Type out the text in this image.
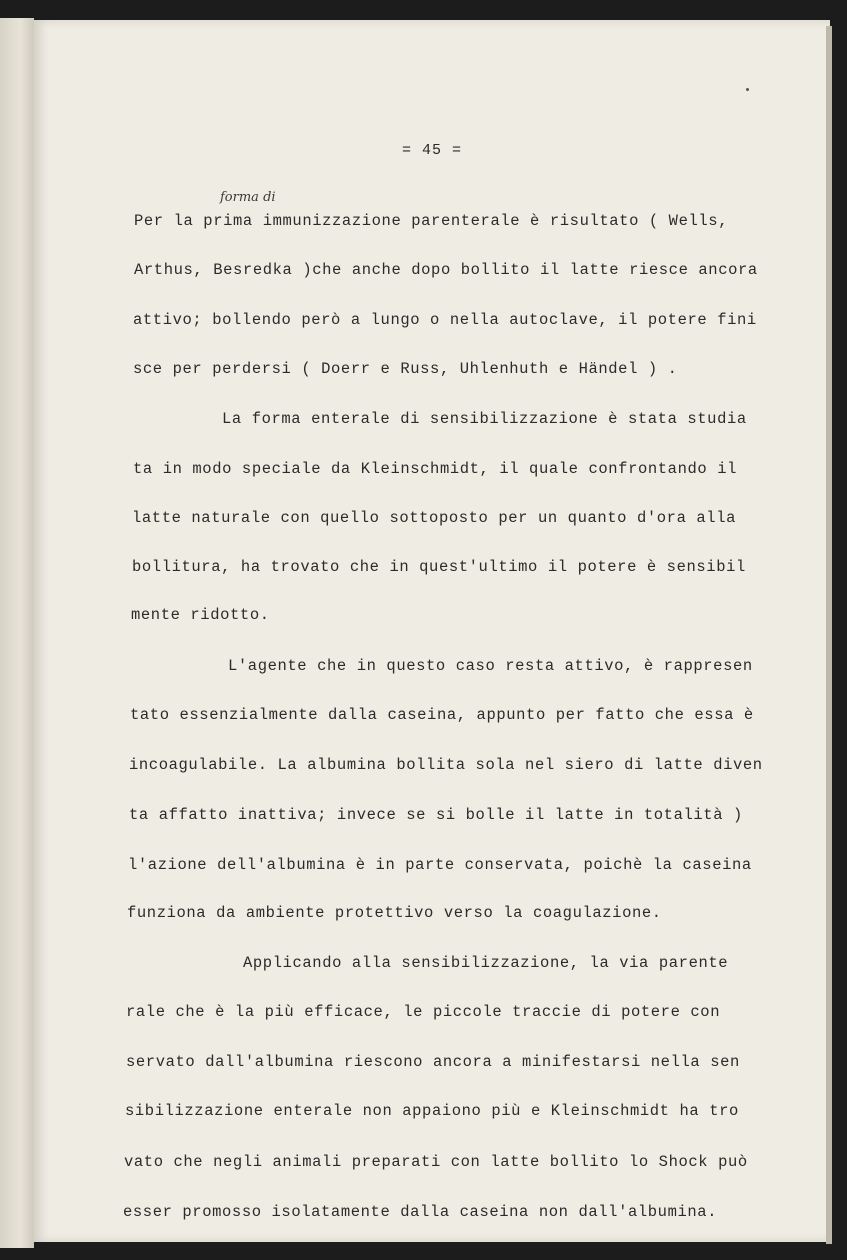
= 45 =
forma di
Per la prima immunizzazione parenterale è risultato ( Wells,
Arthus, Besredka )che anche dopo bollito il latte riesce ancora
attivo; bollendo però a lungo o nella autoclave, il potere fini
sce per perdersi ( Doerr e Russ, Uhlenhuth e Händel ) .
La forma enterale di sensibilizzazione è stata studia
ta in modo speciale da Kleinschmidt, il quale confrontando il
latte naturale con quello sottoposto per un quanto d'ora alla
bollitura, ha trovato che in quest'ultimo il potere è sensibil
mente ridotto.
L'agente che in questo caso resta attivo, è rappresen
tato essenzialmente dalla caseina, appunto per fatto che essa è
incoagulabile. La albumina bollita sola nel siero di latte diven
ta affatto inattiva; invece se si bolle il latte in totalità )
l'azione dell'albumina è in parte conservata, poichè la caseina
funziona da ambiente protettivo verso la coagulazione.
Applicando alla sensibilizzazione, la via parente
rale che è la più efficace, le piccole traccie di potere con
servato dall'albumina riescono ancora a minifestarsi nella sen
sibilizzazione enterale non appaiono più e Kleinschmidt ha tro
vato che negli animali preparati con latte bollito lo Shock può
esser promosso isolatamente dalla caseina non dall'albumina.
